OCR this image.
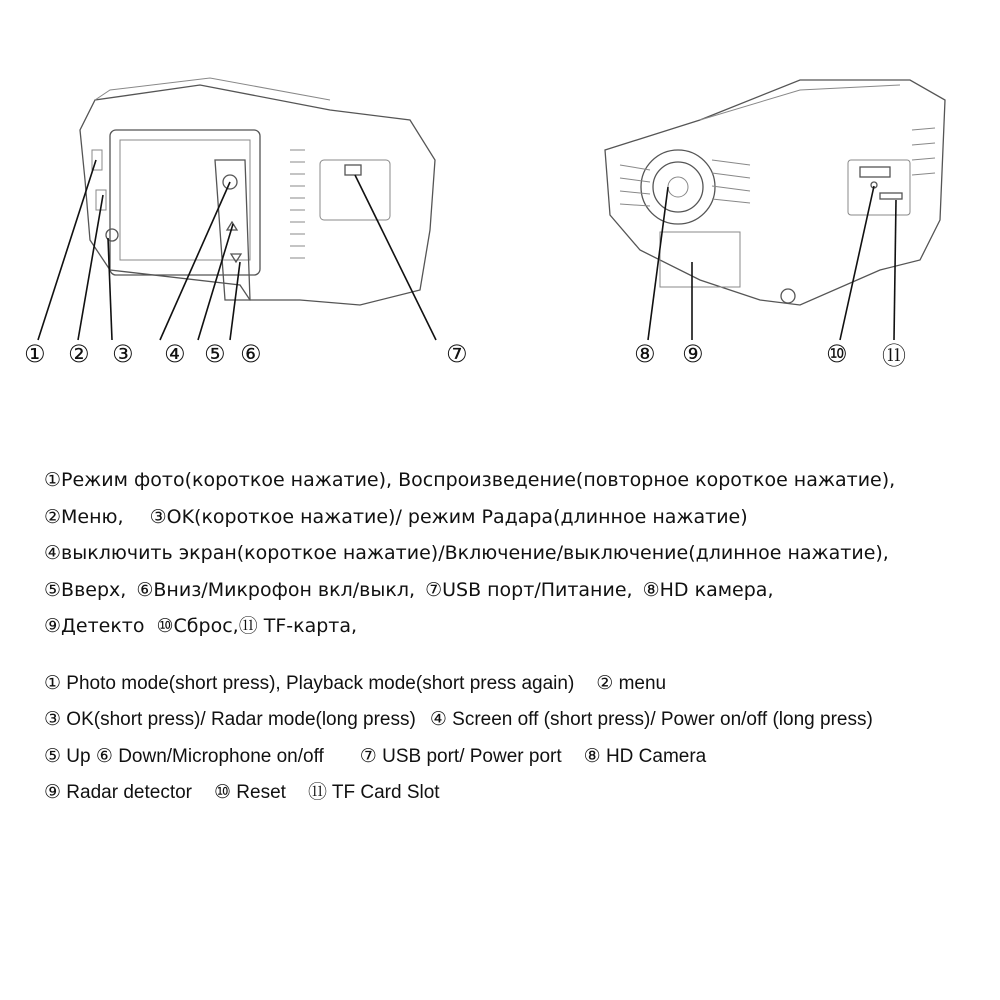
① ② ③ ④ ⑤ ⑥	⑦	⑧ ⑨	⑩ ⑪
①Режим фото(короткое нажатие), Воспроизведение(повторное короткое нажатие),
②Меню, ③OK(короткое нажатие)/ режим Радара(длинное нажатие)
④выключить экран(короткое нажатие)/Включение/выключение(длинное нажатие),
⑤Вверх, ⑥Вниз/Микрофон вкл/выкл, ⑦USB порт/Питание, ⑧HD камера,
⑨Детекто ⑩Сброс,⑪ TF-карта,
① Photo mode(short press), Playback mode(short press again) ② menu
③ OK(short press)/ Radar mode(long press) ④ Screen off (short press)/ Power on/off (long press)
⑤ Up ⑥ Down/Microphone on/off ⑦ USB port/ Power port ⑧ HD Camera
⑨ Radar detector ⑩ Reset ⑪ TF Card Slot
